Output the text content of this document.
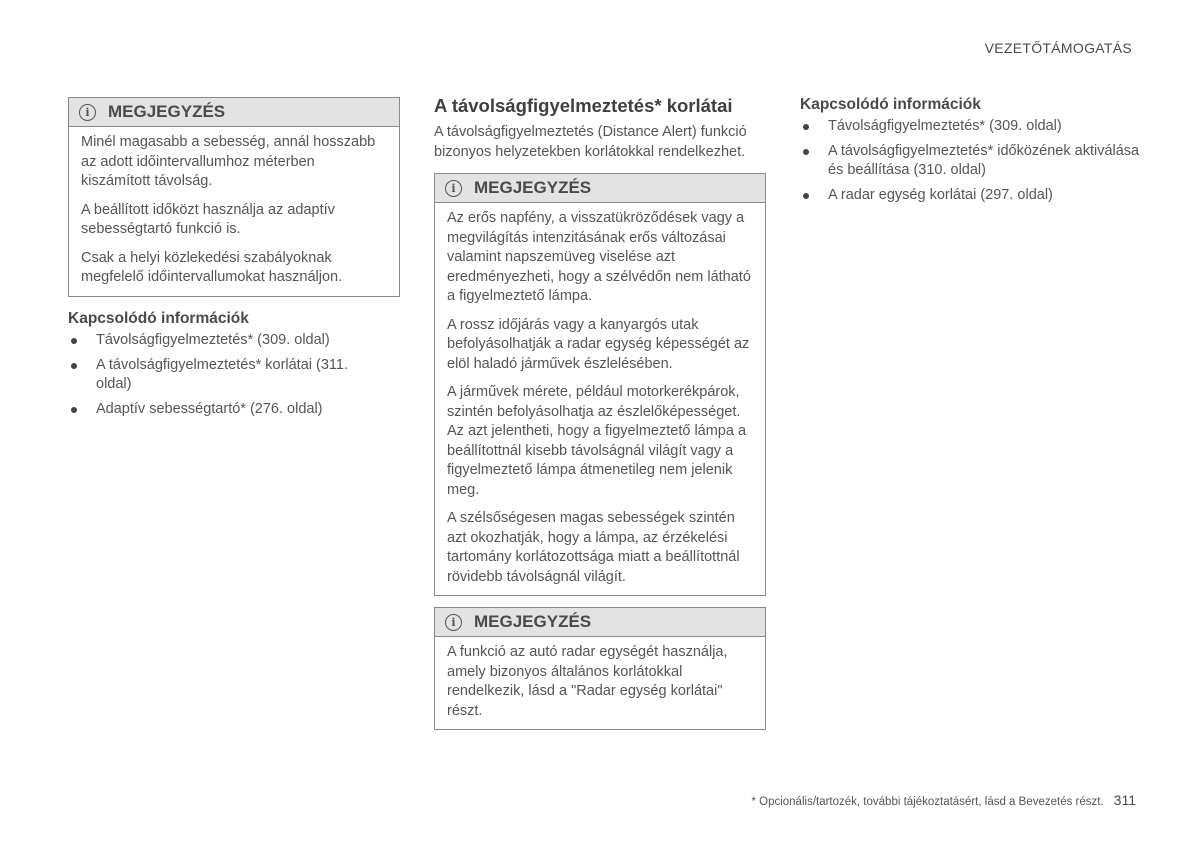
VEZETŐTÁMOGATÁS
i	MEGJEGYZÉS

Minél magasabb a sebesség, annál hosszabb az adott időintervallumhoz méterben kiszámított távolság.

A beállított időközt használja az adaptív sebességtartó funkció is.

Csak a helyi közlekedési szabályoknak megfelelő időintervallumokat használjon.

Kapcsolódó információk
Távolságfigyelmeztetés* (309. oldal)
A távolságfigyelmeztetés* korlátai (311. oldal)
Adaptív sebességtartó* (276. oldal)
A távolságfigyelmeztetés* korlátai

A távolságfigyelmeztetés (Distance Alert) funkció bizonyos helyzetekben korlátokkal rendelkezhet.

i	MEGJEGYZÉS

Az erős napfény, a visszatükröződések vagy a megvilágítás intenzitásának erős változásai valamint napszemüveg viselése azt eredményezheti, hogy a szélvédőn nem látható a figyelmeztető lámpa.

A rossz időjárás vagy a kanyargós utak befolyásolhatják a radar egység képességét az elöl haladó járművek észlelésében.

A járművek mérete, például motorkerékpárok, szintén befolyásolhatja az észlelőképességet. Az azt jelentheti, hogy a figyelmeztető lámpa a beállítottnál kisebb távolságnál világít vagy a figyelmeztető lámpa átmenetileg nem jelenik meg.

A szélsőségesen magas sebességek szintén azt okozhatják, hogy a lámpa, az érzékelési tartomány korlátozottsága miatt a beállítottnál rövidebb távolságnál világít.

i	MEGJEGYZÉS

A funkció az autó radar egységét használja, amely bizonyos általános korlátokkal rendelkezik, lásd a "Radar egység korlátai" részt.

Kapcsolódó információk
Távolságfigyelmeztetés* (309. oldal)
A távolságfigyelmeztetés* időközének aktiválása és beállítása (310. oldal)
A radar egység korlátai (297. oldal)
* Opcionális/tartozék, további tájékoztatásért, lásd a Bevezetés részt. 311
